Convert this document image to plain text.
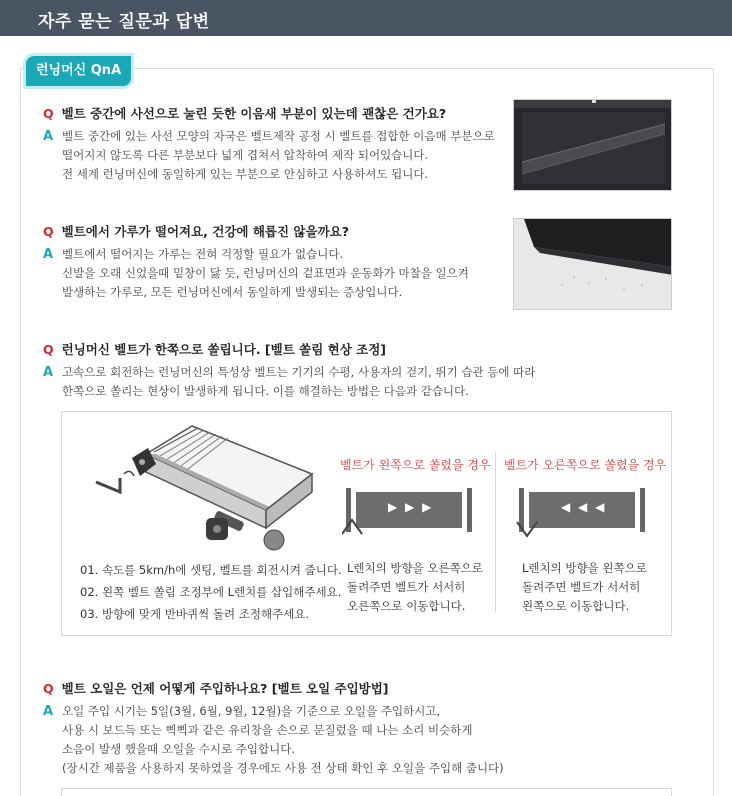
자주 묻는 질문과 답변
런닝머신 QnA
Q 벨트 중간에 사선으로 눌린 듯한 이음새 부분이 있는데 괜찮은 건가요?
A 벨트 중간에 있는 사선 모양의 자국은 벨트제작 공정 시 벨트를 접합한 이음매 부분으로
떨어지지 않도록 다른 부분보다 넓게 겹쳐서 압착하여 제작 되어있습니다.
전 세계 런닝머신에 동일하게 있는 부분으로 안심하고 사용하셔도 됩니다.
Q 벨트에서 가루가 떨어져요, 건강에 해롭진 않을까요?
A 벨트에서 떨어지는 가루는 전혀 걱정할 필요가 없습니다.
신발을 오래 신었을때 밑창이 닳 듯, 런닝머신의 겉표면과 운동화가 마찰을 일으켜
발생하는 가루로, 모든 런닝머신에서 동일하게 발생되는 증상입니다.
Q 런닝머신 벨트가 한쪽으로 쏠립니다. [벨트 쏠림 현상 조정]
A 고속으로 회전하는 런닝머신의 특성상 벨트는 기기의 수평, 사용자의 걷기, 뛰기 습관 등에 따라
한쪽으로 쏠리는 현상이 발생하게 됩니다. 이를 해결하는 방법은 다음과 같습니다.
01. 속도를 5km/h에 셋팅, 벨트를 회전시켜 줍니다.
02. 왼쪽 벨트 쏠림 조정부에 L렌치를 삽입해주세요.
03. 방향에 맞게 반바퀴씩 돌려 조정해주세요.
벨트가 왼쪽으로 쏠렸을 경우
▶ ▶ ▶
L렌치의 방향을 오른쪽으로
돌려주면 벨트가 서서히
오른쪽으로 이동합니다.
벨트가 오른쪽으로 쏠렸을 경우
◀ ◀ ◀
L렌치의 방향을 왼쪽으로
돌려주면 벨트가 서서히
왼쪽으로 이동합니다.
Q 벨트 오일은 언제 어떻게 주입하나요? [벨트 오일 주입방법]
A 오일 주입 시기는 5일(3월, 6월, 9월, 12월)을 기준으로 오일을 주입하시고,
사용 시 보드득 또는 삑삑과 같은 유리창을 손으로 문질렀을 때 나는 소리 비슷하게
소음이 발생 했을때 오일을 수시로 주입합니다.
(장시간 제품을 사용하지 못하였을 경우에도 사용 전 상태 확인 후 오일을 주입해 줍니다)
